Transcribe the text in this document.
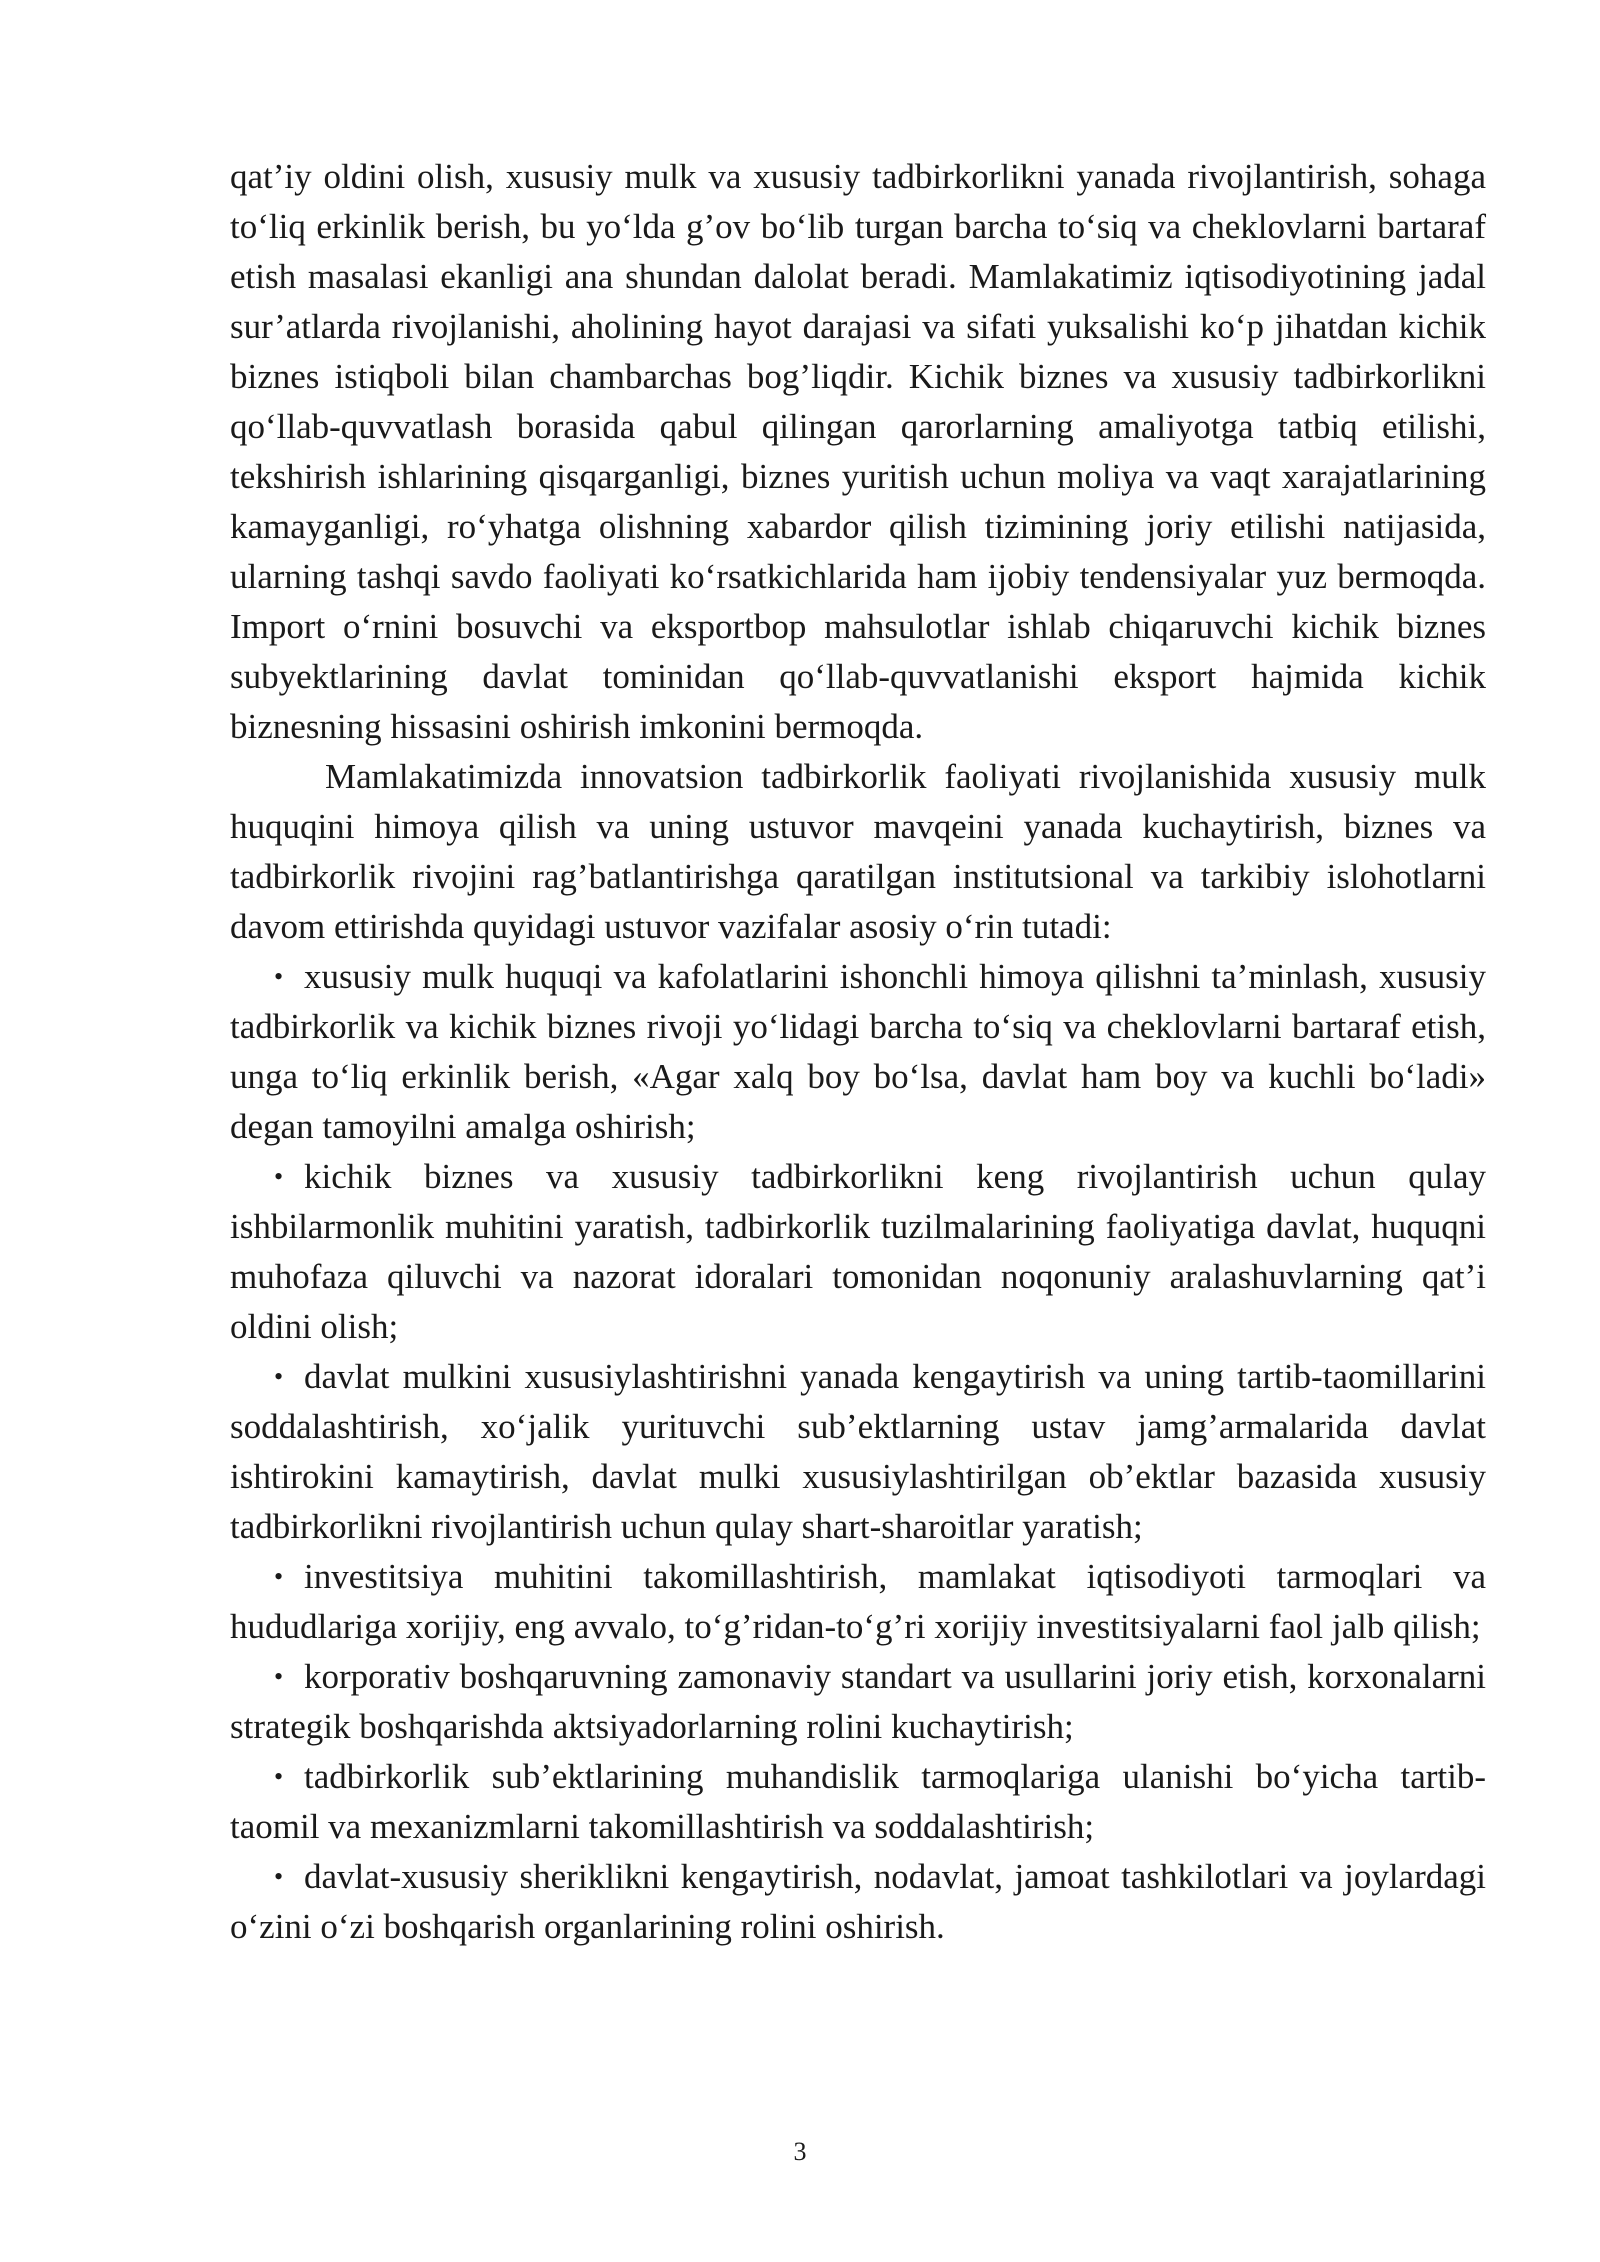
qat’iy oldini olish, xususiy mulk va xususiy tadbirkorlikni yanada rivojlantirish, sohaga to‘liq erkinlik berish, bu yo‘lda g’ov bo‘lib turgan barcha to‘siq va cheklovlarni bartaraf etish masalasi ekanligi ana shundan dalolat beradi. Mamlakatimiz iqtisodiyotining jadal sur’atlarda rivojlanishi, aholining hayot darajasi va sifati yuksalishi ko‘p jihatdan kichik biznes istiqboli bilan chambarchas bog’liqdir. Kichik biznes va xususiy tadbirkorlikni qo‘llab-quvvatlash borasida qabul qilingan qarorlarning amaliyotga tatbiq etilishi, tekshirish ishlarining qisqarganligi, biznes yuritish uchun moliya va vaqt xarajatlarining kamayganligi, ro‘yhatga olishning xabardor qilish tizimining joriy etilishi natijasida, ularning tashqi savdo faoliyati ko‘rsatkichlarida ham ijobiy tendensiyalar yuz bermoqda. Import o‘rnini bosuvchi va eksportbop mahsulotlar ishlab chiqaruvchi kichik biznes subyektlarining davlat tominidan qo‘llab-quvvatlanishi eksport hajmida kichik biznesning hissasini oshirish imkonini bermoqda.

Mamlakatimizda innovatsion tadbirkorlik faoliyati rivojlanishida xususiy mulk huquqini himoya qilish va uning ustuvor mavqeini yanada kuchaytirish, biznes va tadbirkorlik rivojini rag’batlantirishga qaratilgan institutsional va tarkibiy islohotlarni davom ettirishda quyidagi ustuvor vazifalar asosiy o‘rin tutadi:

• xususiy mulk huquqi va kafolatlarini ishonchli himoya qilishni ta’minlash, xususiy tadbirkorlik va kichik biznes rivoji yo‘lidagi barcha to‘siq va cheklovlarni bartaraf etish, unga to‘liq erkinlik berish, «Agar xalq boy bo‘lsa, davlat ham boy va kuchli bo‘ladi» degan tamoyilni amalga oshirish;

• kichik biznes va xususiy tadbirkorlikni keng rivojlantirish uchun qulay ishbilarmonlik muhitini yaratish, tadbirkorlik tuzilmalarining faoliyatiga davlat, huquqni muhofaza qiluvchi va nazorat idoralari tomonidan noqonuniy aralashuvlarning qat’i oldini olish;

• davlat mulkini xususiylashtirishni yanada kengaytirish va uning tartib-taomillarini soddalashtirish, xo‘jalik yurituvchi sub’ektlarning ustav jamg’armalarida davlat ishtirokini kamaytirish, davlat mulki xususiylashtirilgan ob’ektlar bazasida xususiy tadbirkorlikni rivojlantirish uchun qulay shart-sharoitlar yaratish;

• investitsiya muhitini takomillashtirish, mamlakat iqtisodiyoti tarmoqlari va hududlariga xorijiy, eng avvalo, to‘g’ridan-to‘g’ri xorijiy investitsiyalarni faol jalb qilish;

• korporativ boshqaruvning zamonaviy standart va usullarini joriy etish, korxonalarni strategik boshqarishda aktsiyadorlarning rolini kuchaytirish;

• tadbirkorlik sub’ektlarining muhandislik tarmoqlariga ulanishi bo‘yicha tartib-taomil va mexanizmlarni takomillashtirish va soddalashtirish;

• davlat-xususiy sheriklikni kengaytirish, nodavlat, jamoat tashkilotlari va joylardagi o‘zini o‘zi boshqarish organlarining rolini oshirish.

3
